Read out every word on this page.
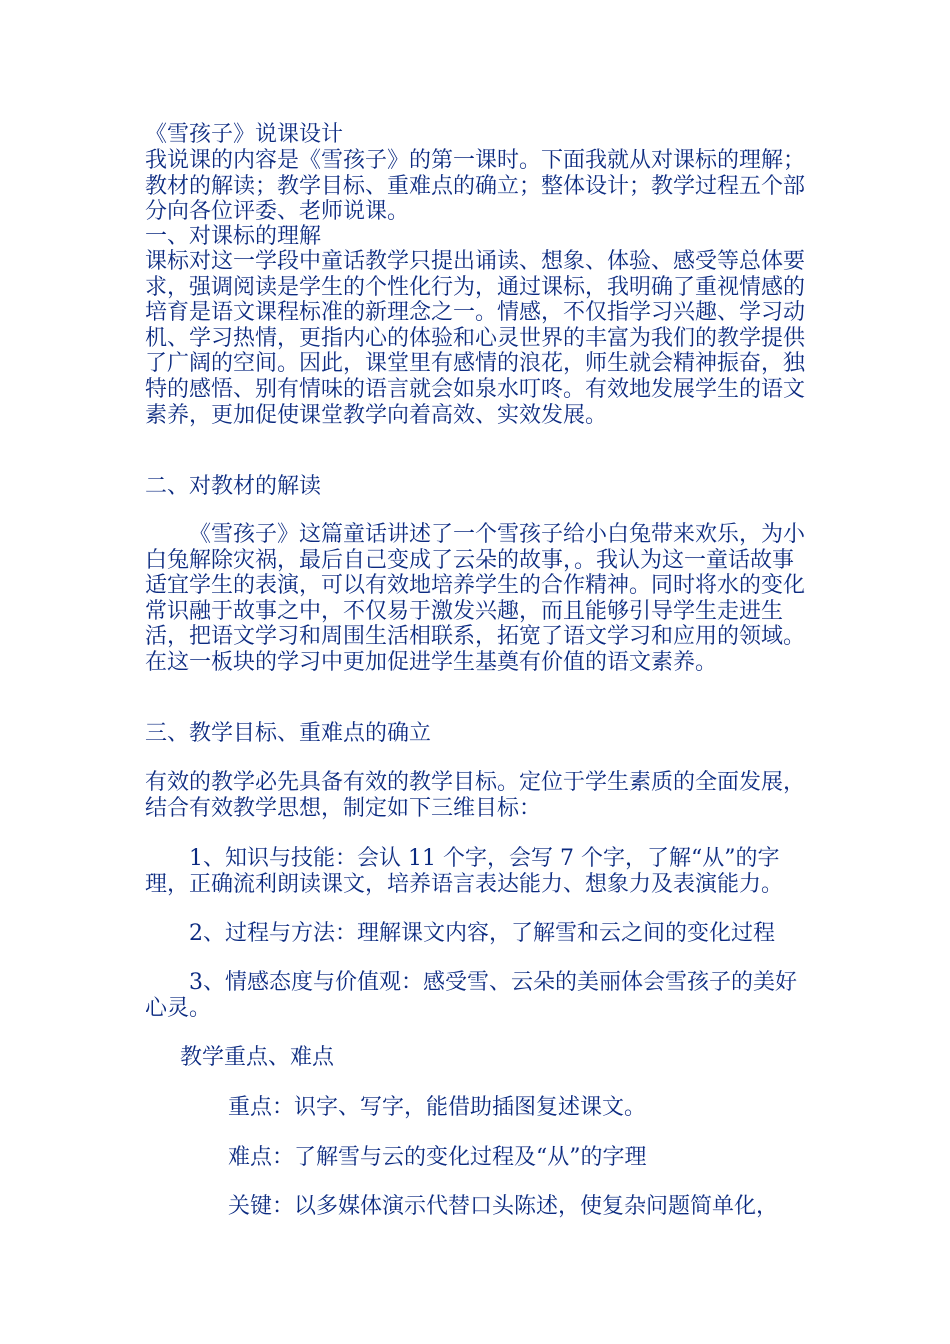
《雪孩子》说课设计

我说课的内容是《雪孩子》的第一课时。下面我就从对课标的理解；教材的解读；教学目标、重难点的确立；整体设计；教学过程五个部分向各位评委、老师说课。

一、对课标的理解

课标对这一学段中童话教学只提出诵读、想象、体验、感受等总体要求，强调阅读是学生的个性化行为，通过课标，我明确了重视情感的培育是语文课程标准的新理念之一。情感，不仅指学习兴趣、学习动机、学习热情，更指内心的体验和心灵世界的丰富为我们的教学提供了广阔的空间。因此，课堂里有感情的浪花，师生就会精神振奋，独特的感悟、别有情味的语言就会如泉水叮咚。有效地发展学生的语文素养，更加促使课堂教学向着高效、实效发展。

二、对教材的解读

《雪孩子》这篇童话讲述了一个雪孩子给小白兔带来欢乐，为小白兔解除灾祸，最后自己变成了云朵的故事，。我认为这一童话故事适宜学生的表演，可以有效地培养学生的合作精神。同时将水的变化常识融于故事之中，不仅易于激发兴趣，而且能够引导学生走进生活，把语文学习和周围生活相联系，拓宽了语文学习和应用的领域。在这一板块的学习中更加促进学生基奠有价值的语文素养。

三、教学目标、重难点的确立

有效的教学必先具备有效的教学目标。定位于学生素质的全面发展，结合有效教学思想，制定如下三维目标：

1、知识与技能：会认 11 个字，会写 7 个字，了解“从”的字理，正确流利朗读课文，培养语言表达能力、想象力及表演能力。

2、过程与方法：理解课文内容，了解雪和云之间的变化过程

3、情感态度与价值观：感受雪、云朵的美丽体会雪孩子的美好心灵。

教学重点、难点

重点：识字、写字，能借助插图复述课文。

难点：了解雪与云的变化过程及“从”的字理

关键：以多媒体演示代替口头陈述，使复杂问题简单化，
